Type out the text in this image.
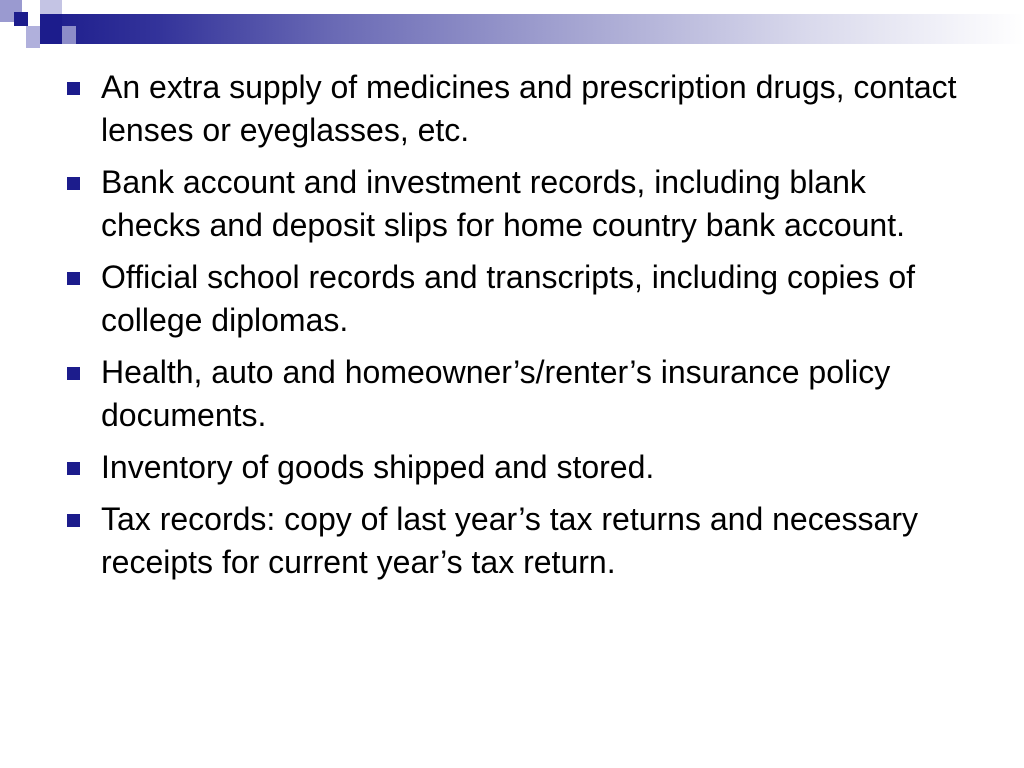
An extra supply of medicines and prescription drugs, contact lenses or eyeglasses, etc.
Bank account and investment records, including blank checks and deposit slips for home country bank account.
Official school records and transcripts, including copies of college diplomas.
Health, auto and homeowner’s/renter’s insurance policy documents.
Inventory of goods shipped and stored.
Tax records: copy of last year’s tax returns and necessary receipts for current year’s tax return.
